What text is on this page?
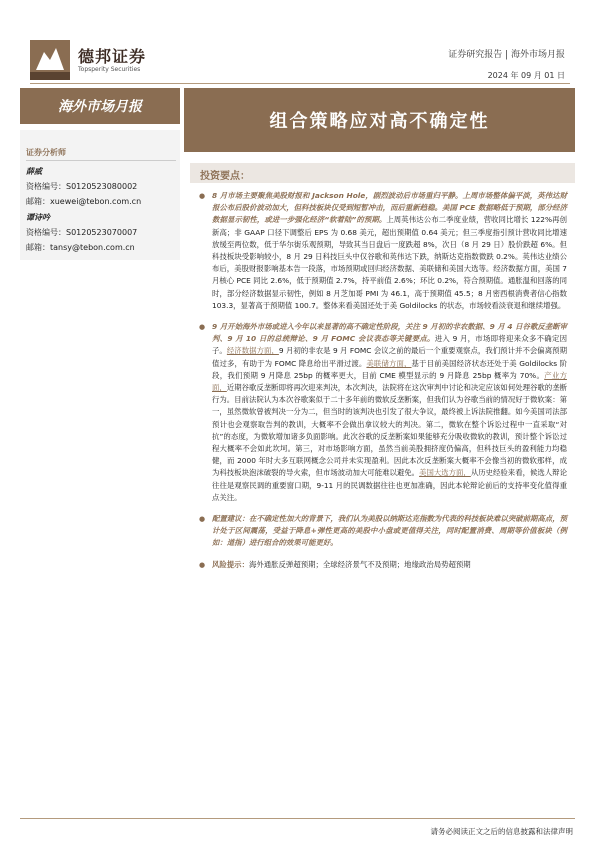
德邦证券
Topsperity Securities
证券研究报告 | 海外市场月报
2024 年 09 月 01 日
海外市场月报
组合策略应对高不确定性
证券分析师
薛威
资格编号：S0120523080002
邮箱：xuewei@tebon.com.cn
谭诗吟
资格编号：S0120523070007
邮箱：tansy@tebon.com.cn
投资要点：
● 8 月市场主要聚焦美股财报和 Jackson Hole，剧烈波动后市场重归平静。上周市场整体偏平淡，英伟达财报公布后股价波动加大，但科技板块仅受到短暂冲击，而后重新趋稳。美国 PCE 数据略低于预期，部分经济数据显示韧性，或进一步强化经济“软着陆”的预期。上周英伟达公布二季度业绩，营收同比增长 122%再创新高；非 GAAP 口径下调整后 EPS 为 0.68 美元，超出预期值 0.64 美元；但三季度指引预计营收同比增速放缓至两位数，低于华尔街乐观预期，导致其当日盘后一度跌超 8%，次日（8 月 29 日）股价跌超 6%。但科技板块受影响较小，8 月 29 日科技巨头中仅谷歌和英伟达下跌，纳斯达克指数微跌 0.2%。英伟达业绩公布后，美股财报影响基本告一段落，市场预期或回归经济数据、美联储和美国大选等。经济数据方面，美国 7 月核心 PCE 同比 2.6%，低于预期值 2.7%，持平前值 2.6%；环比 0.2%，符合预期值。通胀温和回落的同时，部分经济数据显示韧性，例如 8 月芝加哥 PMI 为 46.1，高于预期值 45.5；8 月密西根消费者信心指数 103.3，显著高于预期值 100.7。整体来看美国还处于美 Goldilocks 的状态，市场较看淡衰退和继续增强。
● 9 月开始海外市场或进入今年以来显著的高不确定性阶段，关注 9 月初的非农数据、9 月 4 日谷歌反垄断审判、9 月 10 日的总统辩论、9 月 FOMC 会议表态等关键要点。进入 9 月，市场即将迎来众多不确定因子。经济数据方面，9 月初的非农是 9 月 FOMC 会议之前的最后一个重要观察点，我们预计并不会偏离预期值过多，有助于为 FOMC 降息给出平滑过渡。美联储方面，基于目前美国经济状态还处于美 Goldilocks 阶段，我们预期 9 月降息 25bp 的概率更大，目前 CME 模型显示的 9 月降息 25bp 概率为 70%。产业方面，近期谷歌反垄断即将再次迎来判决，本次判决，法院将在这次审判中讨论和决定应该如何处理谷歌的垄断行为。目前法院认为本次谷歌案似于二十多年前的微软反垄断案，但我们认为谷歌当前的情况好于微软案：第一，虽然微软曾被判决一分为二，但当时的该判决也引发了很大争议，最终被上诉法院推翻。如今美国司法部预计也会观察取告判的教训，大概率不会做出拿议较大的判决。第二，微软在整个诉讼过程中一直采取“对抗”的态度，为微软增加诸多负面影响。此次谷歌的反垄断案如果能够充分吸收微软的教训，预计整个诉讼过程大概率不会如此坎坷。第三，对市场影响方面，虽然当前美股拥挤度仍偏高，但科技巨头的盈利能力均稳健，而 2000 年时大多互联网概念公司并未实现盈利。因此本次反垄断案大概率不会像当初的微软那样，成为科技板块泡沫破裂的导火索，但市场波动加大可能难以避免。美国大选方面，从历史经验来看，候选人辩论往往是观察民调的重要窗口期，9-11 月的民调数据往往也更加准确，因此本轮辩论前后的支持率变化值得重点关注。
● 配置建议：在不确定性加大的背景下，我们认为美股以纳斯达克指数为代表的科技板块难以突破前期高点，预计处于区间震荡，受益于降息+弹性更高的美股中小盘或更值得关注，同时配置消费、周期等价值板块（例如：道指）进行组合的效果可能更好。
● 风险提示：海外通胀反弹超预期；全球经济景气不及预期；地缘政治局势超预期
请务必阅读正文之后的信息披露和法律声明
